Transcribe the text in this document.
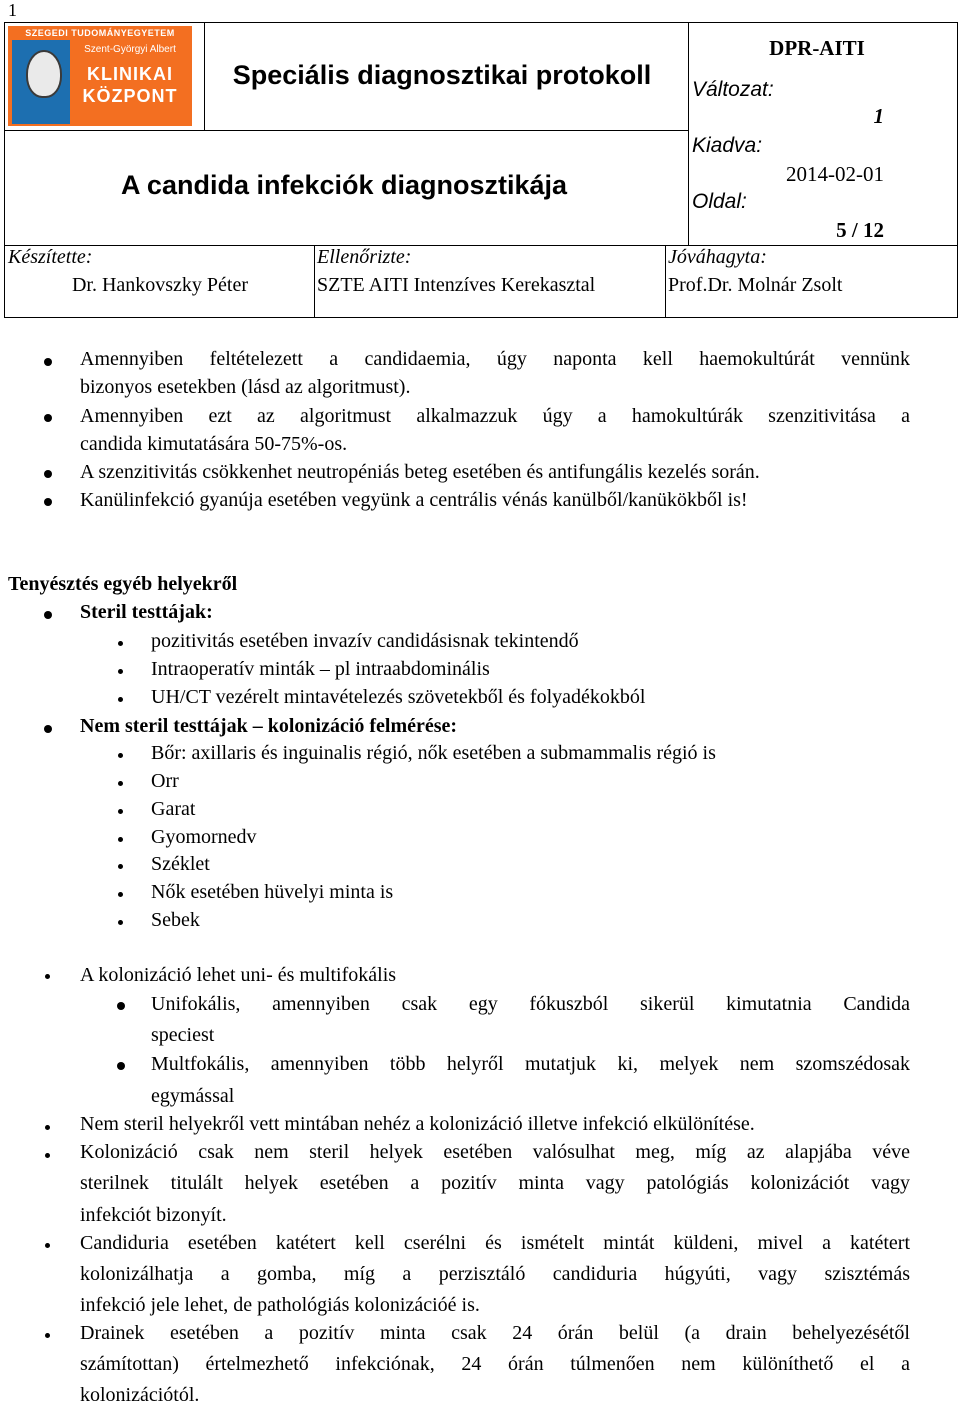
1
SZEGEDI TUDOMÁNYEGYETEM
Szent-Györgyi Albert
KLINIKAI
KÖZPONT
Speciális diagnosztikai protokoll
A candida infekciók diagnosztikája
DPR-AITI
Változat:
1
Kiadva:
2014-02-01
Oldal:
5 / 12
Készítette:
Dr. Hankovszky Péter
Ellenőrizte:
SZTE AITI Intenzíves Kerekasztal
Jóváhagyta:
Prof.Dr. Molnár Zsolt
Amennyiben feltételezett a candidaemia, úgy naponta kell haemokultúrát vennünk
bizonyos esetekben (lásd az algoritmust).
Amennyiben ezt az algoritmust alkalmazzuk úgy a hamokultúrák szenzitivitása a
candida kimutatására 50-75%-os.
A szenzitivitás csökkenhet neutropéniás beteg esetében és antifungális kezelés során.
Kanülinfekció gyanúja esetében vegyünk a centrális vénás kanülből/kanükökből is!
Tenyésztés egyéb helyekről
Steril testtájak:
pozitivitás esetében invazív candidásisnak tekintendő
Intraoperatív minták – pl intraabdominális
UH/CT vezérelt mintavételezés szövetekből és folyadékokból
Nem steril testtájak – kolonizáció felmérése:
Bőr: axillaris és inguinalis régió, nők esetében a submammalis régió is
Orr
Garat
Gyomornedv
Széklet
Nők esetében hüvelyi minta is
Sebek
A kolonizáció lehet uni- és multifokális
Unifokális, amennyiben csak egy fókuszból sikerül kimutatnia Candida
speciest
Multfokális, amennyiben több helyről mutatjuk ki, melyek nem szomszédosak
egymással
Nem steril helyekről vett mintában nehéz a kolonizáció illetve infekció elkülönítése.
Kolonizáció csak nem steril helyek esetében valósulhat meg, míg az alapjába véve
sterilnek titulált helyek esetében a pozitív minta vagy patológiás kolonizációt vagy
infekciót bizonyít.
Candiduria esetében katétert kell cserélni és ismételt mintát küldeni, mivel a katétert
kolonizálhatja a gomba, míg a perzisztáló candiduria húgyúti, vagy szisztémás
infekció jele lehet, de pathológiás kolonizációé is.
Drainek esetében a pozitív minta csak 24 órán belül (a drain behelyezésétől
számítottan) értelmezhető infekciónak, 24 órán túlmenően nem különíthető el a
kolonizációtól.
